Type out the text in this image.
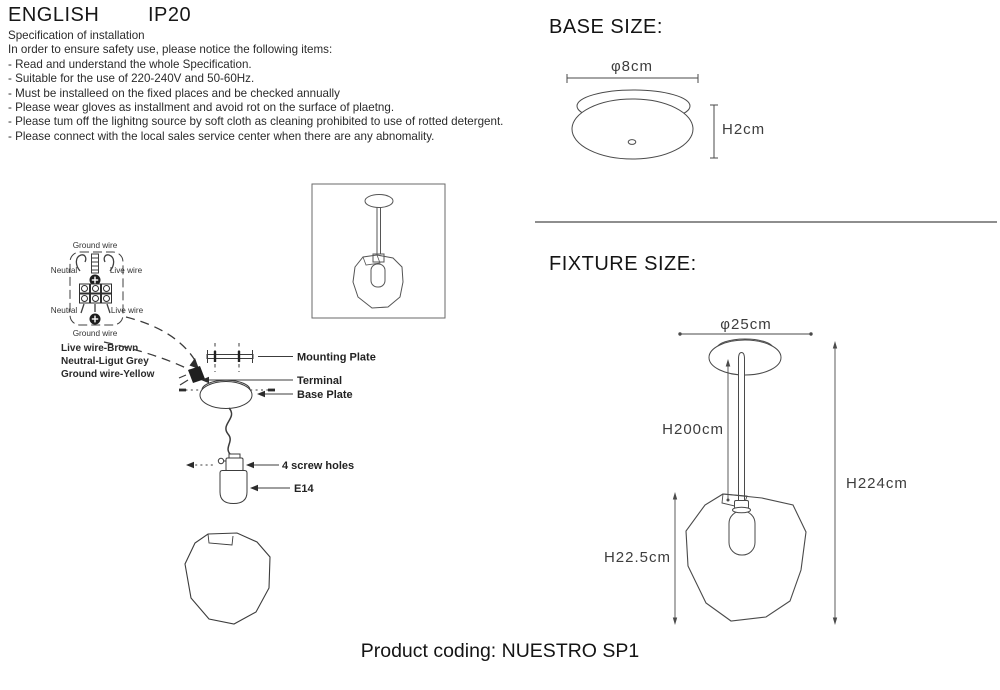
ENGLISH IP20
Specification of installation
In order to ensure safety use, please notice the following items:
- Read and understand the whole Specification.
- Suitable for the use of 220-240V and 50-60Hz.
- Must be installeed on the fixed places and be checked annually
- Please wear gloves as installment and avoid rot on the surface of plaetng.
- Please tum off the lighitng source by soft cloth as cleaning prohibited to use of rotted detergent.
- Please connect with the local sales service center when there are any abnomality.
Ground wire
Neutral	Live wire
Neutral	Live wire
Ground wire
Live wire-Brown
Neutral-Ligut Grey
Ground wire-Yellow
Mounting Plate
Terminal
Base Plate
4 screw holes
E14
BASE SIZE:
φ8cm
H2cm
FIXTURE SIZE:
φ25cm
H200cm
H22.5cm
H224cm
Product coding: NUESTRO SP1
